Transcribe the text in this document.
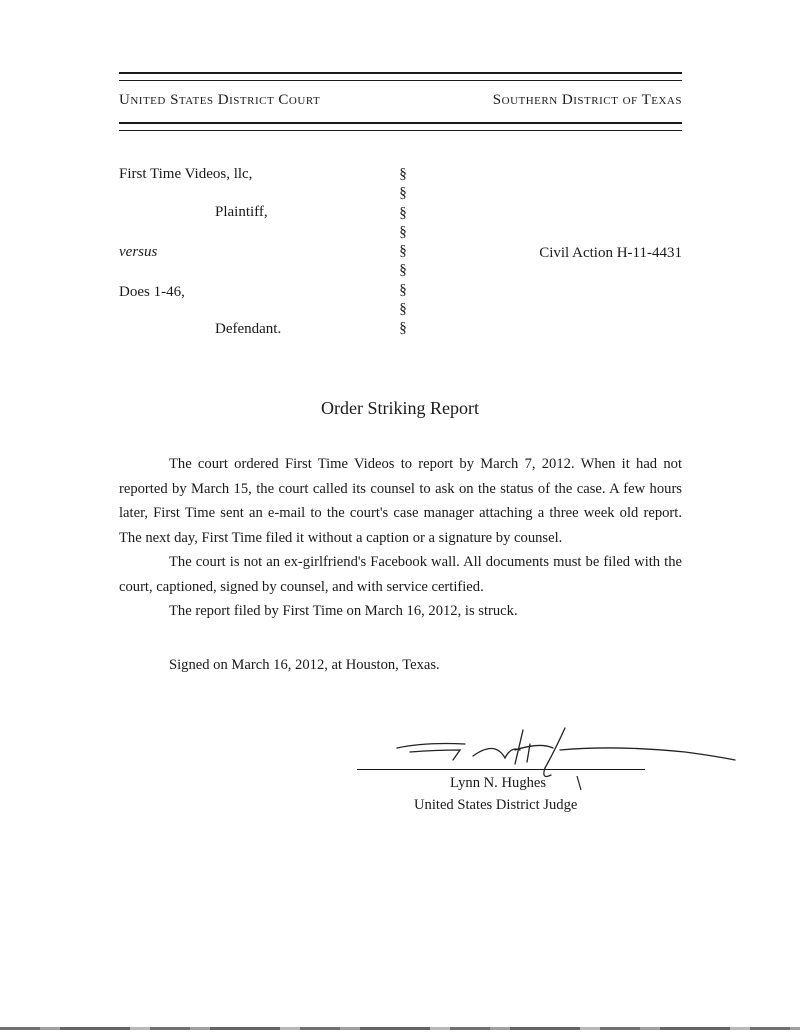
United States District Court	Southern District of Texas
First Time Videos, llc,
Plaintiff,
versus
Does 1-46,
Defendant.
§
§
§
§
§
§
§
§
§
Civil Action H-11-4431
Order Striking Report

The court ordered First Time Videos to report by March 7, 2012. When it had not reported by March 15, the court called its counsel to ask on the status of the case. A few hours later, First Time sent an e-mail to the court's case manager attaching a three week old report. The next day, First Time filed it without a caption or a signature by counsel.

The court is not an ex-girlfriend's Facebook wall. All documents must be filed with the court, captioned, signed by counsel, and with service certified.

The report filed by First Time on March 16, 2012, is struck.

Signed on March 16, 2012, at Houston, Texas.
Lynn N. Hughes
United States District Judge
